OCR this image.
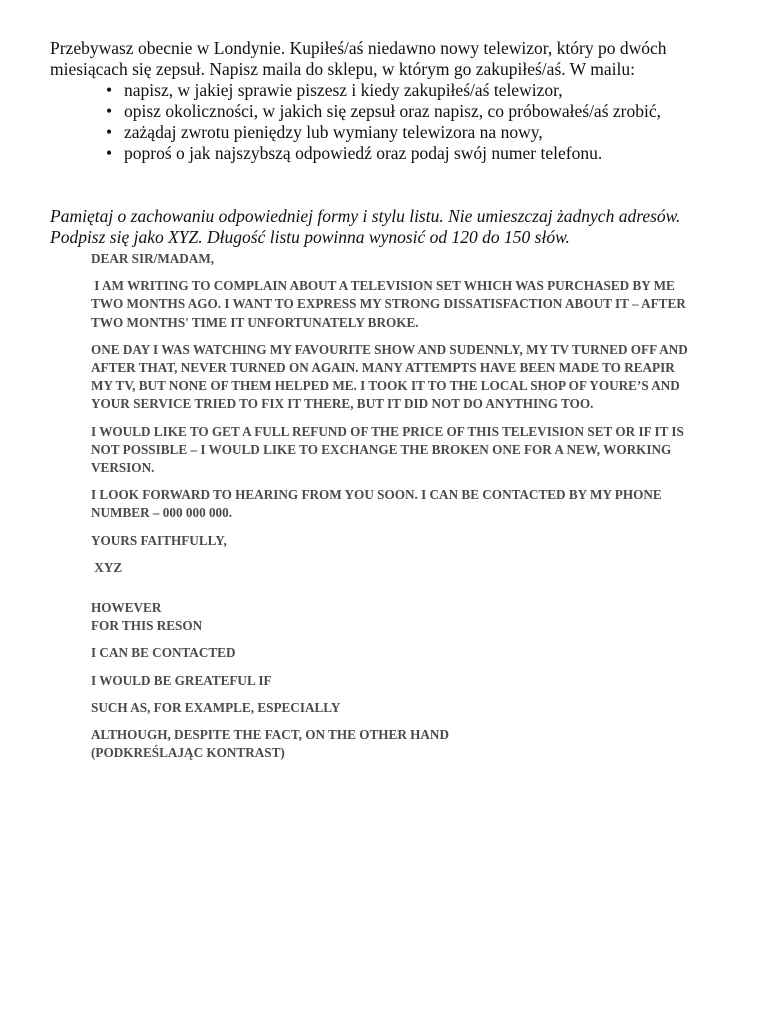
Przebywasz obecnie w Londynie. Kupiłeś/aś niedawno nowy telewizor, który po dwóch miesiącach się zepsuł. Napisz maila do sklepu, w którym go zakupiłeś/aś. W mailu:

• napisz, w jakiej sprawie piszesz i kiedy zakupiłeś/aś telewizor,
• opisz okoliczności, w jakich się zepsuł oraz napisz, co próbowałeś/aś zrobić,
• zażądaj zwrotu pieniędzy lub wymiany telewizora na nowy,
• poproś o jak najszybszą odpowiedź oraz podaj swój numer telefonu.

Pamiętaj o zachowaniu odpowiedniej formy i stylu listu. Nie umieszczaj żadnych adresów. Podpisz się jako XYZ. Długość listu powinna wynosić od 120 do 150 słów.

DEAR SIR/MADAM,

I AM WRITING TO COMPLAIN ABOUT A TELEVISION SET WHICH WAS PURCHASED BY ME TWO MONTHS AGO. I WANT TO EXPRESS MY STRONG DISSATISFACTION ABOUT IT – AFTER TWO MONTHS' TIME IT UNFORTUNATELY BROKE.

ONE DAY I WAS WATCHING MY FAVOURITE SHOW AND SUDENNLY, MY TV TURNED OFF AND AFTER THAT, NEVER TURNED ON AGAIN. MANY ATTEMPTS HAVE BEEN MADE TO REAPIR MY TV, BUT NONE OF THEM HELPED ME. I TOOK IT TO THE LOCAL SHOP OF YOURE’S AND YOUR SERVICE TRIED TO FIX IT THERE, BUT IT DID NOT DO ANYTHING TOO.

I WOULD LIKE TO GET A FULL REFUND OF THE PRICE OF THIS TELEVISION SET OR IF IT IS NOT POSSIBLE – I WOULD LIKE TO EXCHANGE THE BROKEN ONE FOR A NEW, WORKING VERSION.

I LOOK FORWARD TO HEARING FROM YOU SOON. I CAN BE CONTACTED BY MY PHONE NUMBER – 000 000 000.

YOURS FAITHFULLY,

XYZ

HOWEVER
FOR THIS RESON

I CAN BE CONTACTED

I WOULD BE GREATEFUL IF

SUCH AS, FOR EXAMPLE, ESPECIALLY

ALTHOUGH, DESPITE THE FACT, ON THE OTHER HAND
(PODKREŚLAJĄC KONTRAST)
